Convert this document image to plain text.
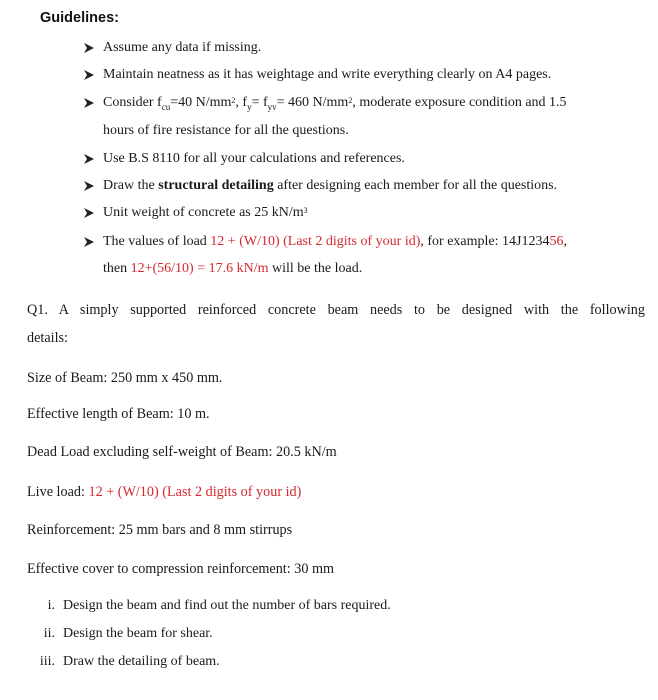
Guidelines:
Assume any data if missing.
Maintain neatness as it has weightage and write everything clearly on A4 pages.
Consider $f_{cu}=40$ $N/mm^2$, $f_y= f_{yv}= 460$ $N/mm^2$, moderate exposure condition and 1.5
hours of fire resistance for all the questions.
Use B.S 8110 for all your calculations and references.
Draw the structural detailing after designing each member for all the questions.
Unit weight of concrete as 25 $kN/m^3$
The values of load 12 + (W/10) (Last 2 digits of your id), for example: 14J123456,
then 12+(56/10) = 17.6 kN/m will be the load.
Q1. A simply supported reinforced concrete beam needs to be designed with the following
details:
Size of Beam: 250 mm x 450 mm.
Effective length of Beam: 10 m.
Dead Load excluding self-weight of Beam: 20.5 kN/m
Live load: 12 + (W/10) (Last 2 digits of your id)
Reinforcement: 25 mm bars and 8 mm stirrups
Effective cover to compression reinforcement: 30 mm
i. Design the beam and find out the number of bars required.
ii. Design the beam for shear.
iii. Draw the detailing of beam.
